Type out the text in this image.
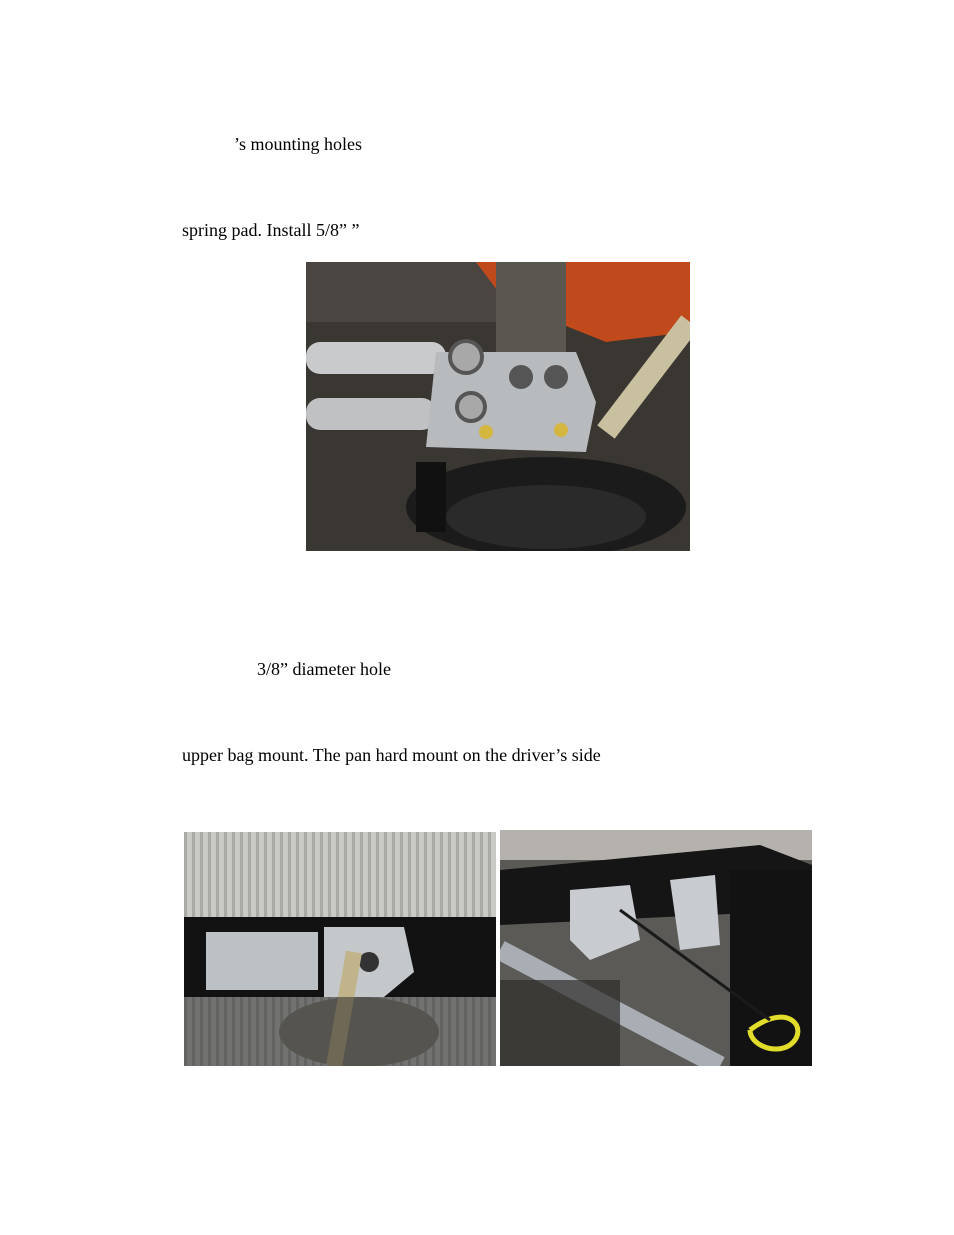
’s mounting holes
spring pad. Install 5/8” ”
3/8” diameter hole
upper bag mount. The pan hard mount on the driver’s side
